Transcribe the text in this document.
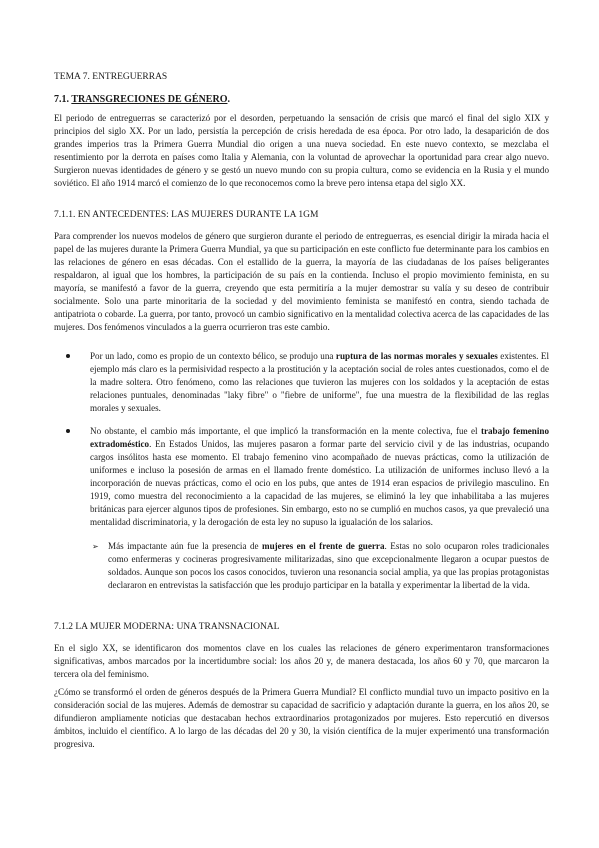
TEMA 7. ENTREGUERRAS

7.1. TRANSGRECIONES DE GÉNERO.

El periodo de entreguerras se caracterizó por el desorden, perpetuando la sensación de crisis que marcó el final del siglo XIX y principios del siglo XX. Por un lado, persistía la percepción de crisis heredada de esa época. Por otro lado, la desaparición de dos grandes imperios tras la Primera Guerra Mundial dio origen a una nueva sociedad. En este nuevo contexto, se mezclaba el resentimiento por la derrota en países como Italia y Alemania, con la voluntad de aprovechar la oportunidad para crear algo nuevo. Surgieron nuevas identidades de género y se gestó un nuevo mundo con su propia cultura, como se evidencia en la Rusia y el mundo soviético. El año 1914 marcó el comienzo de lo que reconocemos como la breve pero intensa etapa del siglo XX.

7.1.1. EN ANTECEDENTES: LAS MUJERES DURANTE LA 1GM

Para comprender los nuevos modelos de género que surgieron durante el periodo de entreguerras, es esencial dirigir la mirada hacia el papel de las mujeres durante la Primera Guerra Mundial, ya que su participación en este conflicto fue determinante para los cambios en las relaciones de género en esas décadas. Con el estallido de la guerra, la mayoría de las ciudadanas de los países beligerantes respaldaron, al igual que los hombres, la participación de su país en la contienda. Incluso el propio movimiento feminista, en su mayoría, se manifestó a favor de la guerra, creyendo que esta permitiría a la mujer demostrar su valía y su deseo de contribuir socialmente. Solo una parte minoritaria de la sociedad y del movimiento feminista se manifestó en contra, siendo tachada de antipatriota o cobarde. La guerra, por tanto, provocó un cambio significativo en la mentalidad colectiva acerca de las capacidades de las mujeres. Dos fenómenos vinculados a la guerra ocurrieron tras este cambio.

Por un lado, como es propio de un contexto bélico, se produjo una ruptura de las normas morales y sexuales existentes. El ejemplo más claro es la permisividad respecto a la prostitución y la aceptación social de roles antes cuestionados, como el de la madre soltera. Otro fenómeno, como las relaciones que tuvieron las mujeres con los soldados y la aceptación de estas relaciones puntuales, denominadas "laky fibre" o "fiebre de uniforme", fue una muestra de la flexibilidad de las reglas morales y sexuales.
No obstante, el cambio más importante, el que implicó la transformación en la mente colectiva, fue el trabajo femenino extradoméstico. En Estados Unidos, las mujeres pasaron a formar parte del servicio civil y de las industrias, ocupando cargos insólitos hasta ese momento. El trabajo femenino vino acompañado de nuevas prácticas, como la utilización de uniformes e incluso la posesión de armas en el llamado frente doméstico. La utilización de uniformes incluso llevó a la incorporación de nuevas prácticas, como el ocio en los pubs, que antes de 1914 eran espacios de privilegio masculino. En 1919, como muestra del reconocimiento a la capacidad de las mujeres, se eliminó la ley que inhabilitaba a las mujeres británicas para ejercer algunos tipos de profesiones. Sin embargo, esto no se cumplió en muchos casos, ya que prevaleció una mentalidad discriminatoria, y la derogación de esta ley no supuso la igualación de los salarios.
➢ Más impactante aún fue la presencia de mujeres en el frente de guerra. Estas no solo ocuparon roles tradicionales como enfermeras y cocineras progresivamente militarizadas, sino que excepcionalmente llegaron a ocupar puestos de soldados. Aunque son pocos los casos conocidos, tuvieron una resonancia social amplia, ya que las propias protagonistas declararon en entrevistas la satisfacción que les produjo participar en la batalla y experimentar la libertad de la vida.

7.1.2 LA MUJER MODERNA: UNA TRANSNACIONAL

En el siglo XX, se identificaron dos momentos clave en los cuales las relaciones de género experimentaron transformaciones significativas, ambos marcados por la incertidumbre social: los años 20 y, de manera destacada, los años 60 y 70, que marcaron la tercera ola del feminismo.

¿Cómo se transformó el orden de géneros después de la Primera Guerra Mundial? El conflicto mundial tuvo un impacto positivo en la consideración social de las mujeres. Además de demostrar su capacidad de sacrificio y adaptación durante la guerra, en los años 20, se difundieron ampliamente noticias que destacaban hechos extraordinarios protagonizados por mujeres. Esto repercutió en diversos ámbitos, incluido el científico. A lo largo de las décadas del 20 y 30, la visión científica de la mujer experimentó una transformación progresiva.
